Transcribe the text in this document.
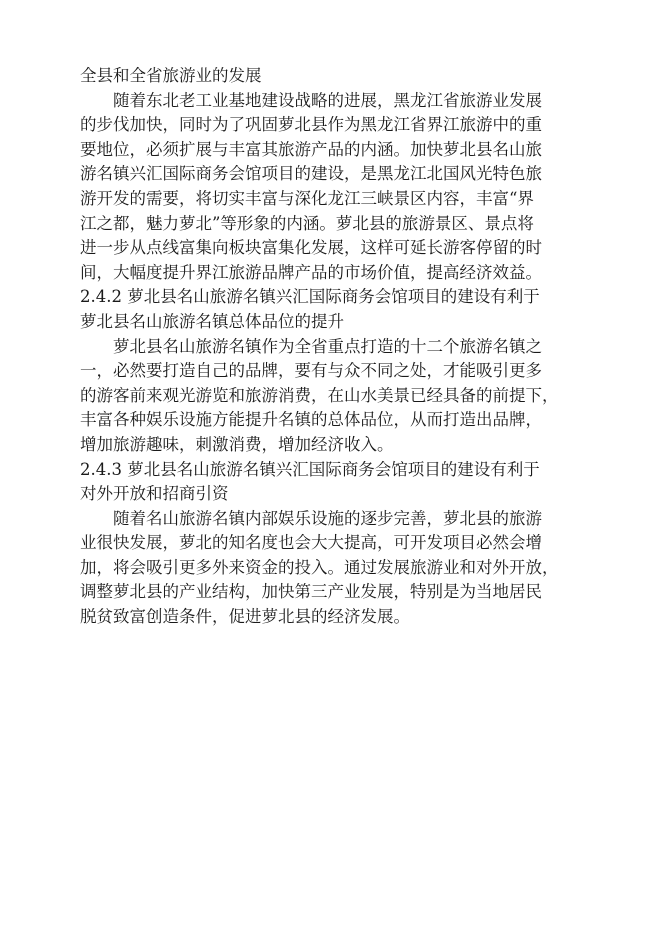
全县和全省旅游业的发展
随着东北老工业基地建设战略的进展，黑龙江省旅游业发展
的步伐加快，同时为了巩固萝北县作为黑龙江省界江旅游中的重
要地位，必须扩展与丰富其旅游产品的内涵。加快萝北县名山旅
游名镇兴汇国际商务会馆项目的建设，是黑龙江北国风光特色旅
游开发的需要，将切实丰富与深化龙江三峡景区内容，丰富“界
江之都，魅力萝北”等形象的内涵。萝北县的旅游景区、景点将
进一步从点线富集向板块富集化发展，这样可延长游客停留的时
间，大幅度提升界江旅游品牌产品的市场价值，提高经济效益。
2.4.2 萝北县名山旅游名镇兴汇国际商务会馆项目的建设有利于
萝北县名山旅游名镇总体品位的提升
萝北县名山旅游名镇作为全省重点打造的十二个旅游名镇之
一，必然要打造自己的品牌，要有与众不同之处，才能吸引更多
的游客前来观光游览和旅游消费，在山水美景已经具备的前提下，
丰富各种娱乐设施方能提升名镇的总体品位，从而打造出品牌，
增加旅游趣味，刺激消费，增加经济收入。
2.4.3 萝北县名山旅游名镇兴汇国际商务会馆项目的建设有利于
对外开放和招商引资
随着名山旅游名镇内部娱乐设施的逐步完善，萝北县的旅游
业很快发展，萝北的知名度也会大大提高，可开发项目必然会增
加，将会吸引更多外来资金的投入。通过发展旅游业和对外开放，
调整萝北县的产业结构，加快第三产业发展，特别是为当地居民
脱贫致富创造条件，促进萝北县的经济发展。
